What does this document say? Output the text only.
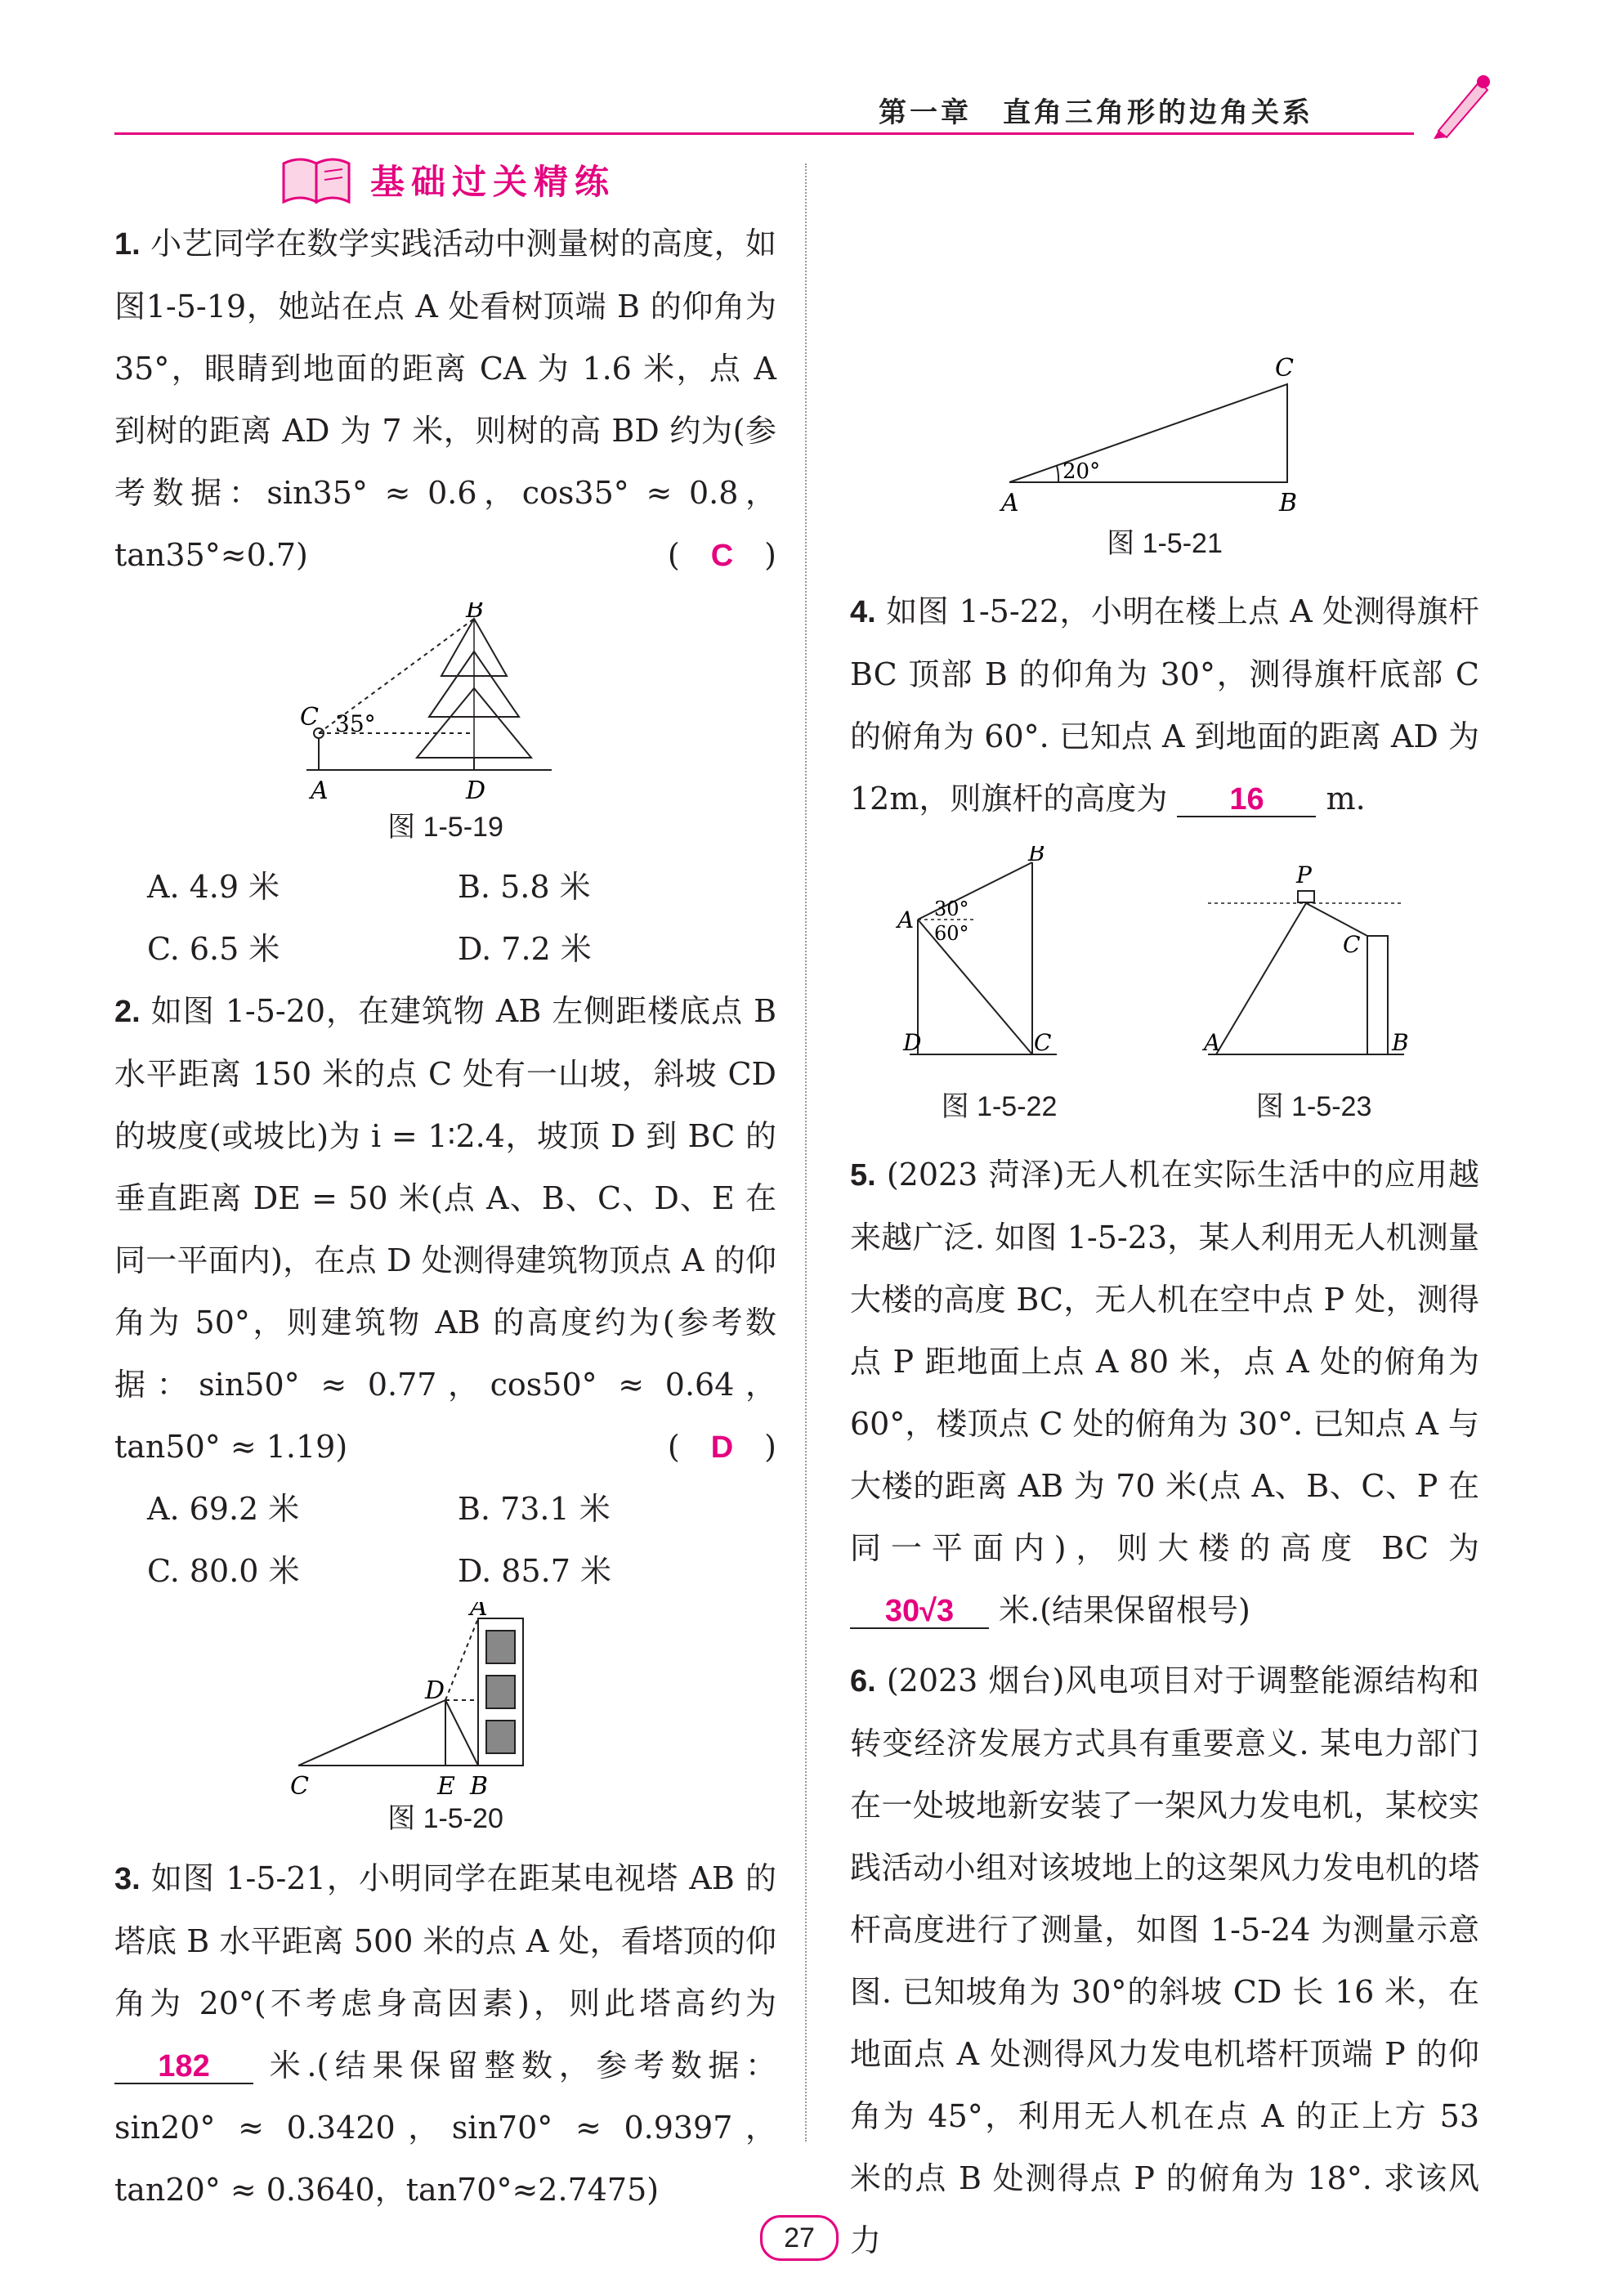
第一章　直角三角形的边角关系
基础过关精练

1. 小艺同学在数学实践活动中测量树的高度，如图1-5-19，她站在点 A 处看树顶端 B 的仰角为 35°，眼睛到地面的距离 CA 为 1.6 米，点 A 到树的距离 AD 为 7 米，则树的高 BD 约为(参考数据：sin35° ≈ 0.6，cos35° ≈ 0.8，tan35°≈0.7)	(　C　)

B
C 35°
A	D
图 1-5-19
A. 4.9 米	B. 5.8 米
C. 6.5 米	D. 7.2 米

2. 如图 1-5-20，在建筑物 AB 左侧距楼底点 B 水平距离 150 米的点 C 处有一山坡，斜坡 CD 的坡度(或坡比)为 i = 1∶2.4，坡顶 D 到 BC 的垂直距离 DE = 50 米(点 A、B、C、D、E 在同一平面内)，在点 D 处测得建筑物顶点 A 的仰角为 50°，则建筑物 AB 的高度约为(参考数据：sin50° ≈ 0.77，cos50° ≈ 0.64，tan50° ≈ 1.19)	(　D　)

A. 69.2 米	B. 73.1 米
C. 80.0 米	D. 85.7 米
A
D
C	E B
图 1-5-20

3. 如图 1-5-21，小明同学在距某电视塔 AB 的塔底 B 水平距离 500 米的点 A 处，看塔顶的仰角为 20°(不考虑身高因素)，则此塔高约为 182 米.(结果保留整数，参考数据：sin20° ≈ 0.3420，sin70° ≈ 0.9397，tan20° ≈ 0.3640，tan70°≈2.7475)

C
20°
A	B
图 1-5-21

4. 如图 1-5-22，小明在楼上点 A 处测得旗杆 BC 顶部 B 的仰角为 30°，测得旗杆底部 C 的俯角为 60°. 已知点 A 到地面的距离 AD 为 12m，则旗杆的高度为 16 m.

B
A 30°
60°
D	C
图 1-5-22
P
C
A	B
图 1-5-23

5. (2023 菏泽)无人机在实际生活中的应用越来越广泛. 如图 1-5-23，某人利用无人机测量大楼的高度 BC，无人机在空中点 P 处，测得点 P 距地面上点 A 80 米，点 A 处的俯角为 60°，楼顶点 C 处的俯角为 30°. 已知点 A 与大楼的距离 AB 为 70 米(点 A、B、C、P 在同一平面内)，则大楼的高度 BC 为 30√3 米.(结果保留根号)

6. (2023 烟台)风电项目对于调整能源结构和转变经济发展方式具有重要意义. 某电力部门在一处坡地新安装了一架风力发电机，某校实践活动小组对该坡地上的这架风力发电机的塔杆高度进行了测量，如图 1-5-24 为测量示意图. 已知坡角为 30°的斜坡 CD 长 16 米，在地面点 A 处测得风力发电机塔杆顶端 P 的仰角为 45°，利用无人机在点 A 的正上方 53 米的点 B 处测得点 P 的俯角为 18°. 求该风力

27
